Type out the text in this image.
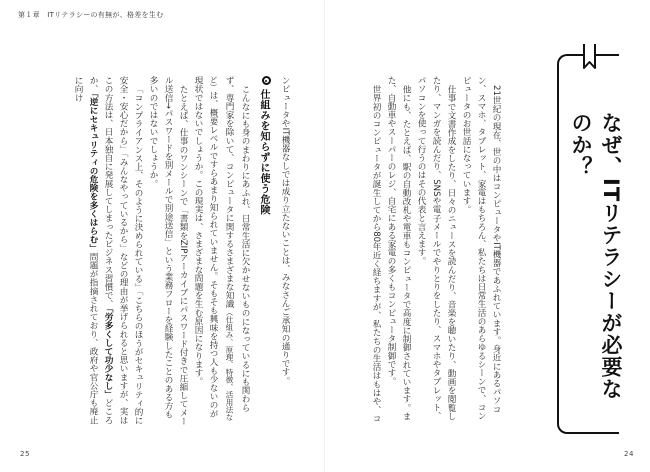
第１章　ITリテラシーの有無が、格差を生む

ンピュータやIT機器なしでは成り立たないことは、みなさんご承知の通りです。

仕組みを知らずに使う危険

こんなにも身のまわりにあふれ、日常生活に欠かせないものになっているにも関わらず、専門家を除いて、コンピュータに関するさまざまな知識（仕組み、原理、特徴、活用法など）は、概要レベルですらあまり知られていません。そもそも興味を持つ人も少ないのが現状ではないでしょうか。この現実は、さまざまな問題を生む原因になります。

たとえば、仕事のワンシーンで「書類をZIPアーカイブにパスワード付きで圧縮してメール送信→パスワードを別メールで別途送信」という業務フローを経験したことのある方も多いのではないでしょうか。

「コンプライアンス上、そのように決められている」「こちらのほうがセキュリティ的に安全・安心だから」「みんなやっているから」などの理由が挙げられると思いますが、実はこの方法は、日本独自に発展してしまったビジネス習慣で、「労多くして功少なし」どころか、「逆にセキュリティの危険を多くはらむ」問題が指摘されており、政府や官公庁も廃止に向け

25
なぜ、ITリテラシーが必要なのか？

21世紀の現在、世の中はコンピュータやIT機器であふれています。身近にあるパソコン、スマホ、タブレット、家電はもちろん、私たちは日常生活のあらゆるシーンで、コンピュータのお世話になっています。

仕事で文書作成をしたり、日々のニュースを読んだり、音楽を聴いたり、動画を閲覧したり、マンガを読んだり、SNSや電子メールでやりとりをしたり、スマホやタブレット、パソコンを使って行うのはその代表と言えます。

他にも、たとえば、駅の自動改札や電車もコンピュータで高度に制御されています。また、自動車やスーパーのレジ、自宅にある家電の多くもコンピュータ制御です。

世界初のコンピュータが誕生してから80年近く経ちますが、私たちの生活はもはや、コ

24
